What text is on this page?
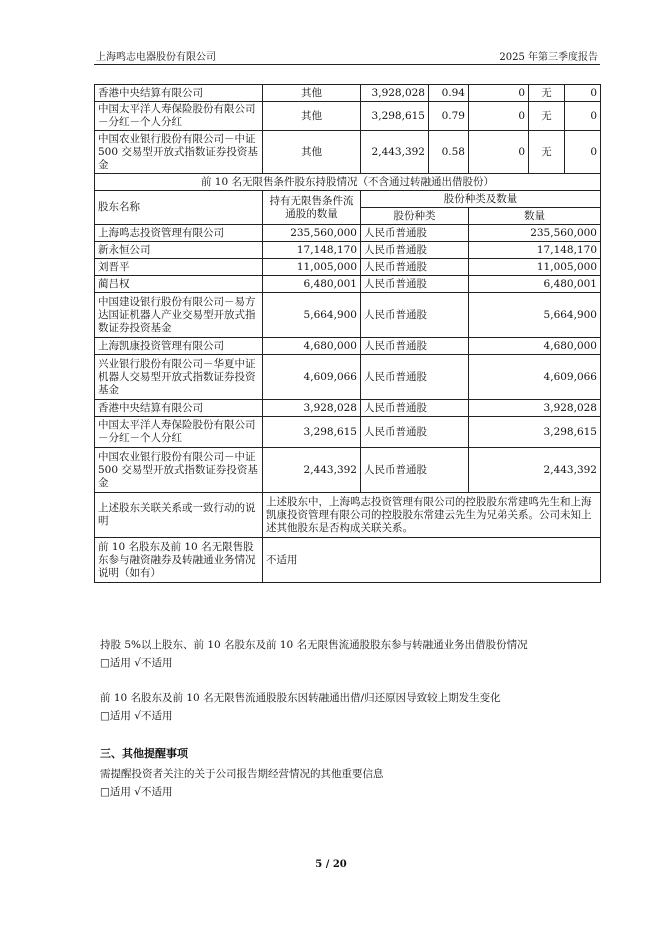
上海鸣志电器股份有限公司	2025 年第三季度报告
香港中央结算有限公司	其他	3,928,028	0.94	0	无	0
中国太平洋人寿保险股份有限公司－分红－个人分红	其他	3,298,615	0.79	0	无	0
中国农业银行股份有限公司－中证 500 交易型开放式指数证券投资基金	其他	2,443,392	0.58	0	无	0
前 10 名无限售条件股东持股情况（不含通过转融通出借股份）						
股东名称	持有无限售条件流通股的数量	股份种类及数量				
		股份种类		数量		
上海鸣志投资管理有限公司	235,560,000	人民币普通股		235,560,000		
新永恒公司	17,148,170	人民币普通股		17,148,170		
刘晋平	11,005,000	人民币普通股		11,005,000		
蔺吕权	6,480,001	人民币普通股		6,480,001		
中国建设银行股份有限公司－易方达国证机器人产业交易型开放式指数证券投资基金	5,664,900	人民币普通股		5,664,900		
上海凯康投资管理有限公司	4,680,000	人民币普通股		4,680,000		
兴业银行股份有限公司－华夏中证机器人交易型开放式指数证券投资基金	4,609,066	人民币普通股		4,609,066		
香港中央结算有限公司	3,928,028	人民币普通股		3,928,028		
中国太平洋人寿保险股份有限公司－分红－个人分红	3,298,615	人民币普通股		3,298,615		
中国农业银行股份有限公司－中证 500 交易型开放式指数证券投资基金	2,443,392	人民币普通股		2,443,392		
上述股东关联关系或一致行动的说明	上述股东中，上海鸣志投资管理有限公司的控股股东常建鸣先生和上海凯康投资管理有限公司的控股股东常建云先生为兄弟关系。公司未知上述其他股东是否构成关联关系。					
前 10 名股东及前 10 名无限售股东参与融资融券及转融通业务情况说明（如有）	不适用					
持股 5%以上股东、前 10 名股东及前 10 名无限售流通股股东参与转融通业务出借股份情况
□适用 √不适用
前 10 名股东及前 10 名无限售流通股股东因转融通出借/归还原因导致较上期发生变化
□适用 √不适用
三、其他提醒事项
需提醒投资者关注的关于公司报告期经营情况的其他重要信息
□适用 √不适用
5 / 20
